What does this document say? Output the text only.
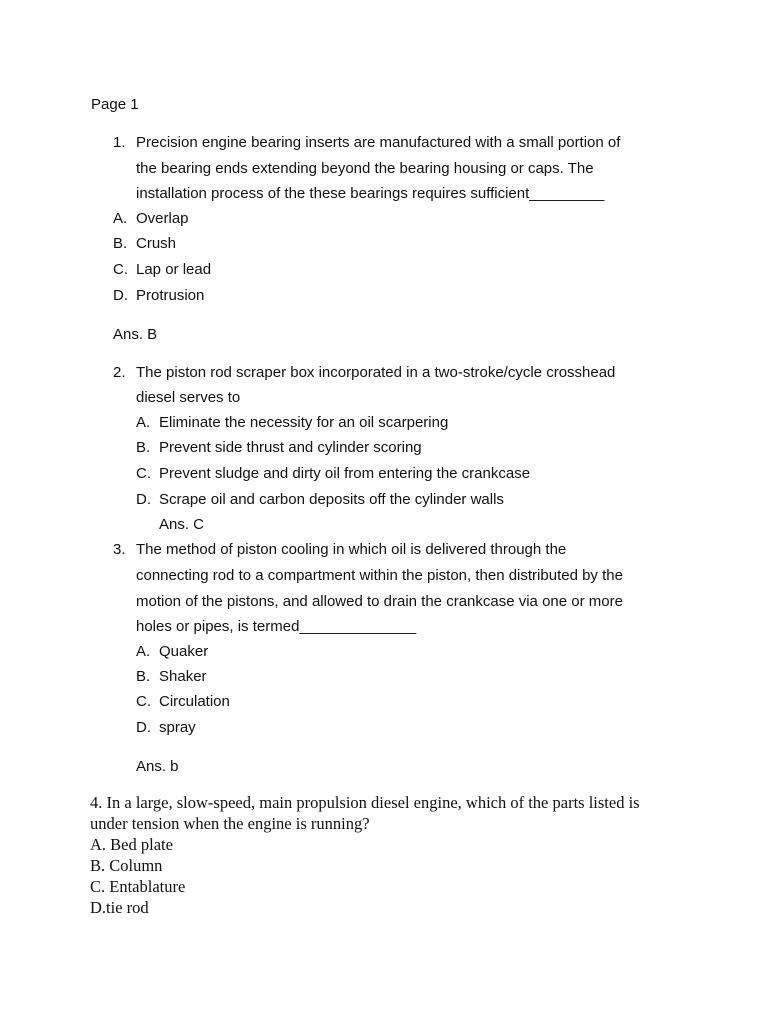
Page 1
1. Precision engine bearing inserts are manufactured with a small portion of
the bearing ends extending beyond the bearing housing or caps. The
installation process of the these bearings requires sufficient_________
A. Overlap
B. Crush
C. Lap or lead
D. Protrusion
Ans. B
2. The piston rod scraper box incorporated in a two-stroke/cycle crosshead
diesel serves to
A. Eliminate the necessity for an oil scarpering
B. Prevent side thrust and cylinder scoring
C. Prevent sludge and dirty oil from entering the crankcase
D. Scrape oil and carbon deposits off the cylinder walls
Ans. C
3. The method of piston cooling in which oil is delivered through the
connecting rod to a compartment within the piston, then distributed by the
motion of the pistons, and allowed to drain the crankcase via one or more
holes or pipes, is termed______________
A. Quaker
B. Shaker
C. Circulation
D. spray
Ans. b
4. In a large, slow-speed, main propulsion diesel engine, which of the parts listed is
under tension when the engine is running?
A. Bed plate
B. Column
C. Entablature
D.tie rod
